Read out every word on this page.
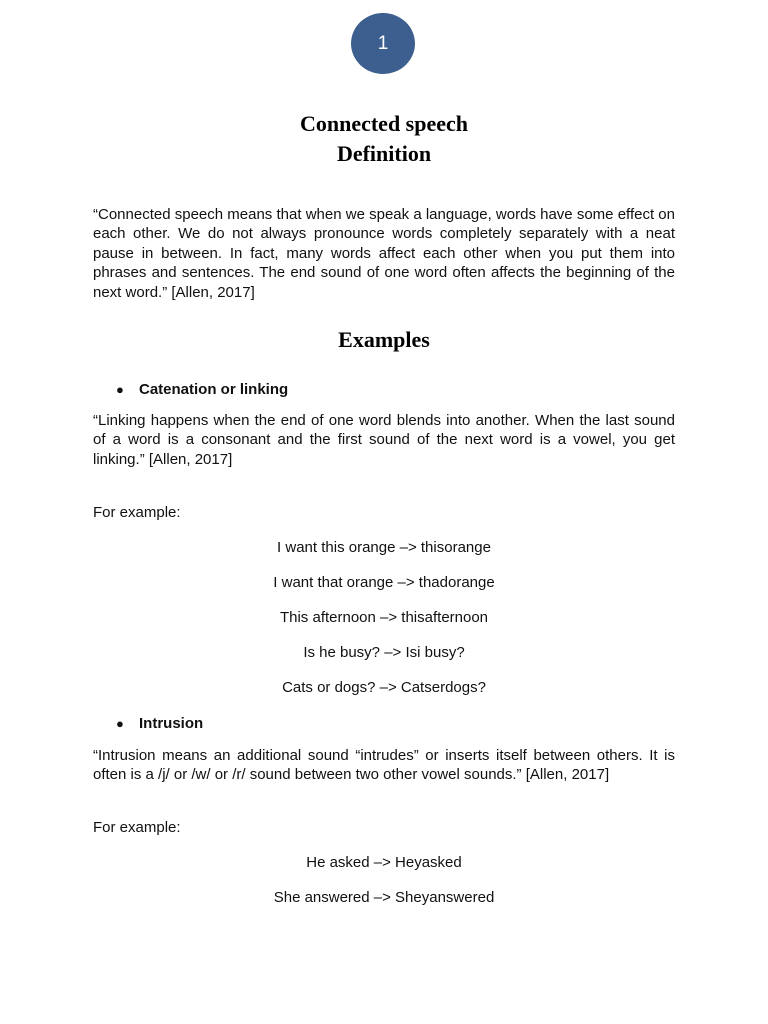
1
Connected speech
Definition
“Connected speech means that when we speak a language, words have some effect on each other. We do not always pronounce words completely separately with a neat pause in between. In fact, many words affect each other when you put them into phrases and sentences. The end sound of one word often affects the beginning of the next word.” [Allen, 2017]
Examples
● Catenation or linking
“Linking happens when the end of one word blends into another. When the last sound of a word is a consonant and the first sound of the next word is a vowel, you get linking.” [Allen, 2017]
For example:
I want this orange –> thisorange
I want that orange –> thadorange
This afternoon –> thisafternoon
Is he busy? –> Isi busy?
Cats or dogs? –> Catserdogs?
● Intrusion
“Intrusion means an additional sound “intrudes” or inserts itself between others. It is often is a /j/ or /w/ or /r/ sound between two other vowel sounds.” [Allen, 2017]
For example:
He asked –> Heyasked
She answered –> Sheyanswered
